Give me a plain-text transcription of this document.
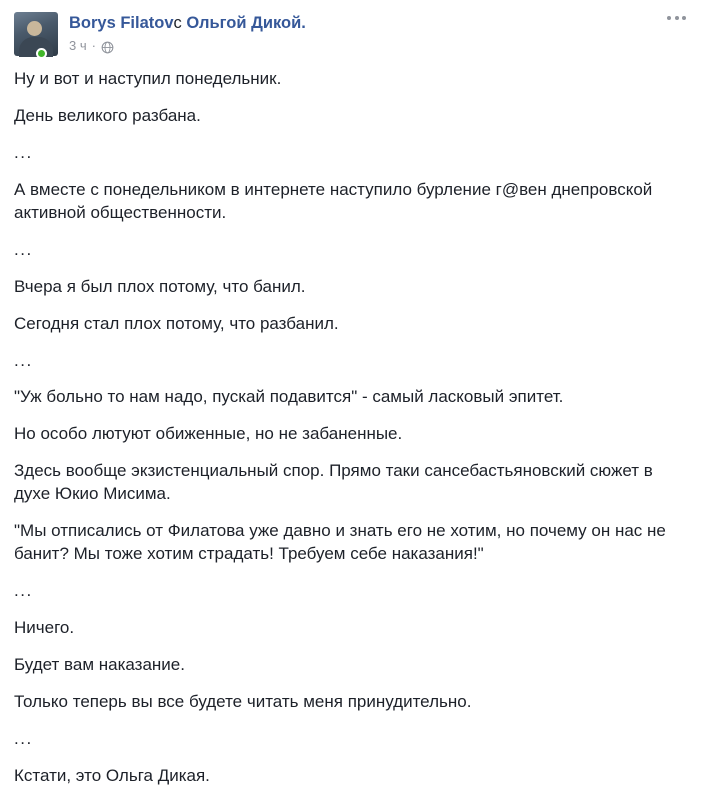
Borys Filatovс Ольгой Дикой.
3 ч ·

Ну и вот и наступил понедельник.

День великого разбана.

...

А вместе с понедельником в интернете наступило бурление г@вен днепровской активной общественности.

...

Вчера я был плох потому, что банил.

Сегодня стал плох потому, что разбанил.

...

"Уж больно то нам надо, пускай подавится" - самый ласковый эпитет.

Но особо лютуют обиженные, но не забаненные.

Здесь вообще экзистенциальный спор. Прямо таки сансебастьяновский сюжет в духе Юкио Мисима.

"Мы отписались от Филатова уже давно и знать его не хотим, но почему он нас не банит? Мы тоже хотим страдать! Требуем себе наказания!"

...

Ничего.

Будет вам наказание.

Только теперь вы все будете читать меня принудительно.

...

Кстати, это Ольга Дикая.
